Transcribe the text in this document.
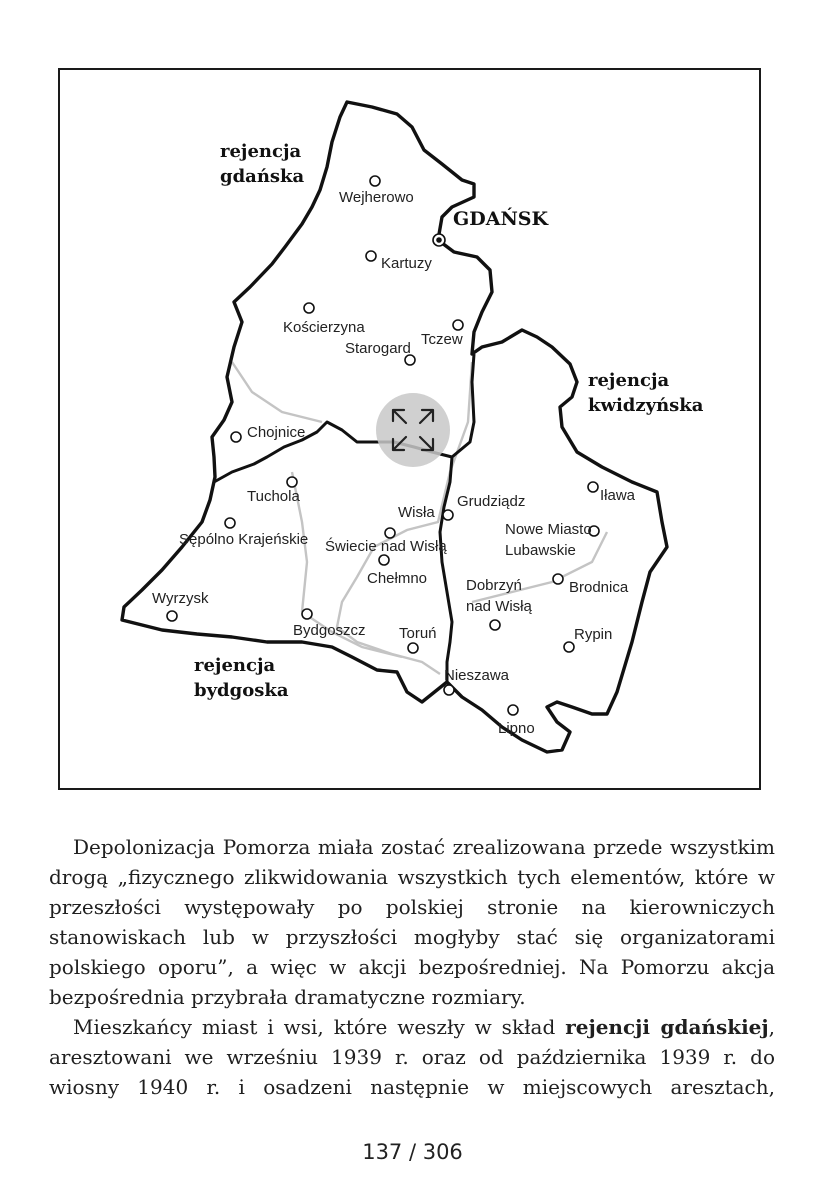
rejencja
gdańska
rejencja
kwidzyńska
rejencja
bydgoska
GDAŃSK
Wejherowo
Kartuzy
Kościerzyna
Starogard
Tczew
Chojnice
Tuchola
Sępólno Krajeńskie
Wyrzysk
Bydgoszcz Toruń
Wisła
Świecie nad Wisłą
Chełmno
Grudziądz	Iława
Nowe Miasto
Lubawskie
Brodnica
Dobrzyń
nad Wisłą
Rypin
Nieszawa
Lipno

Depolonizacja Pomorza miała zostać zrealizowana przede wszystkim drogą „fizycznego zlikwidowania wszystkich tych elementów, które w przeszłości występowały po polskiej stronie na kierowniczych stanowiskach lub w przyszłości mogłyby stać się organizatorami polskiego oporu”, a więc w akcji bezpośredniej. Na Pomorzu akcja bezpośrednia przybrała dramatyczne rozmiary.

Mieszkańcy miast i wsi, które weszły w skład rejencji gdańskiej, aresztowani we wrześniu 1939 r. oraz od października 1939 r. do wiosny 1940 r. i osadzeni następnie w miejscowych aresztach,

137 / 306
